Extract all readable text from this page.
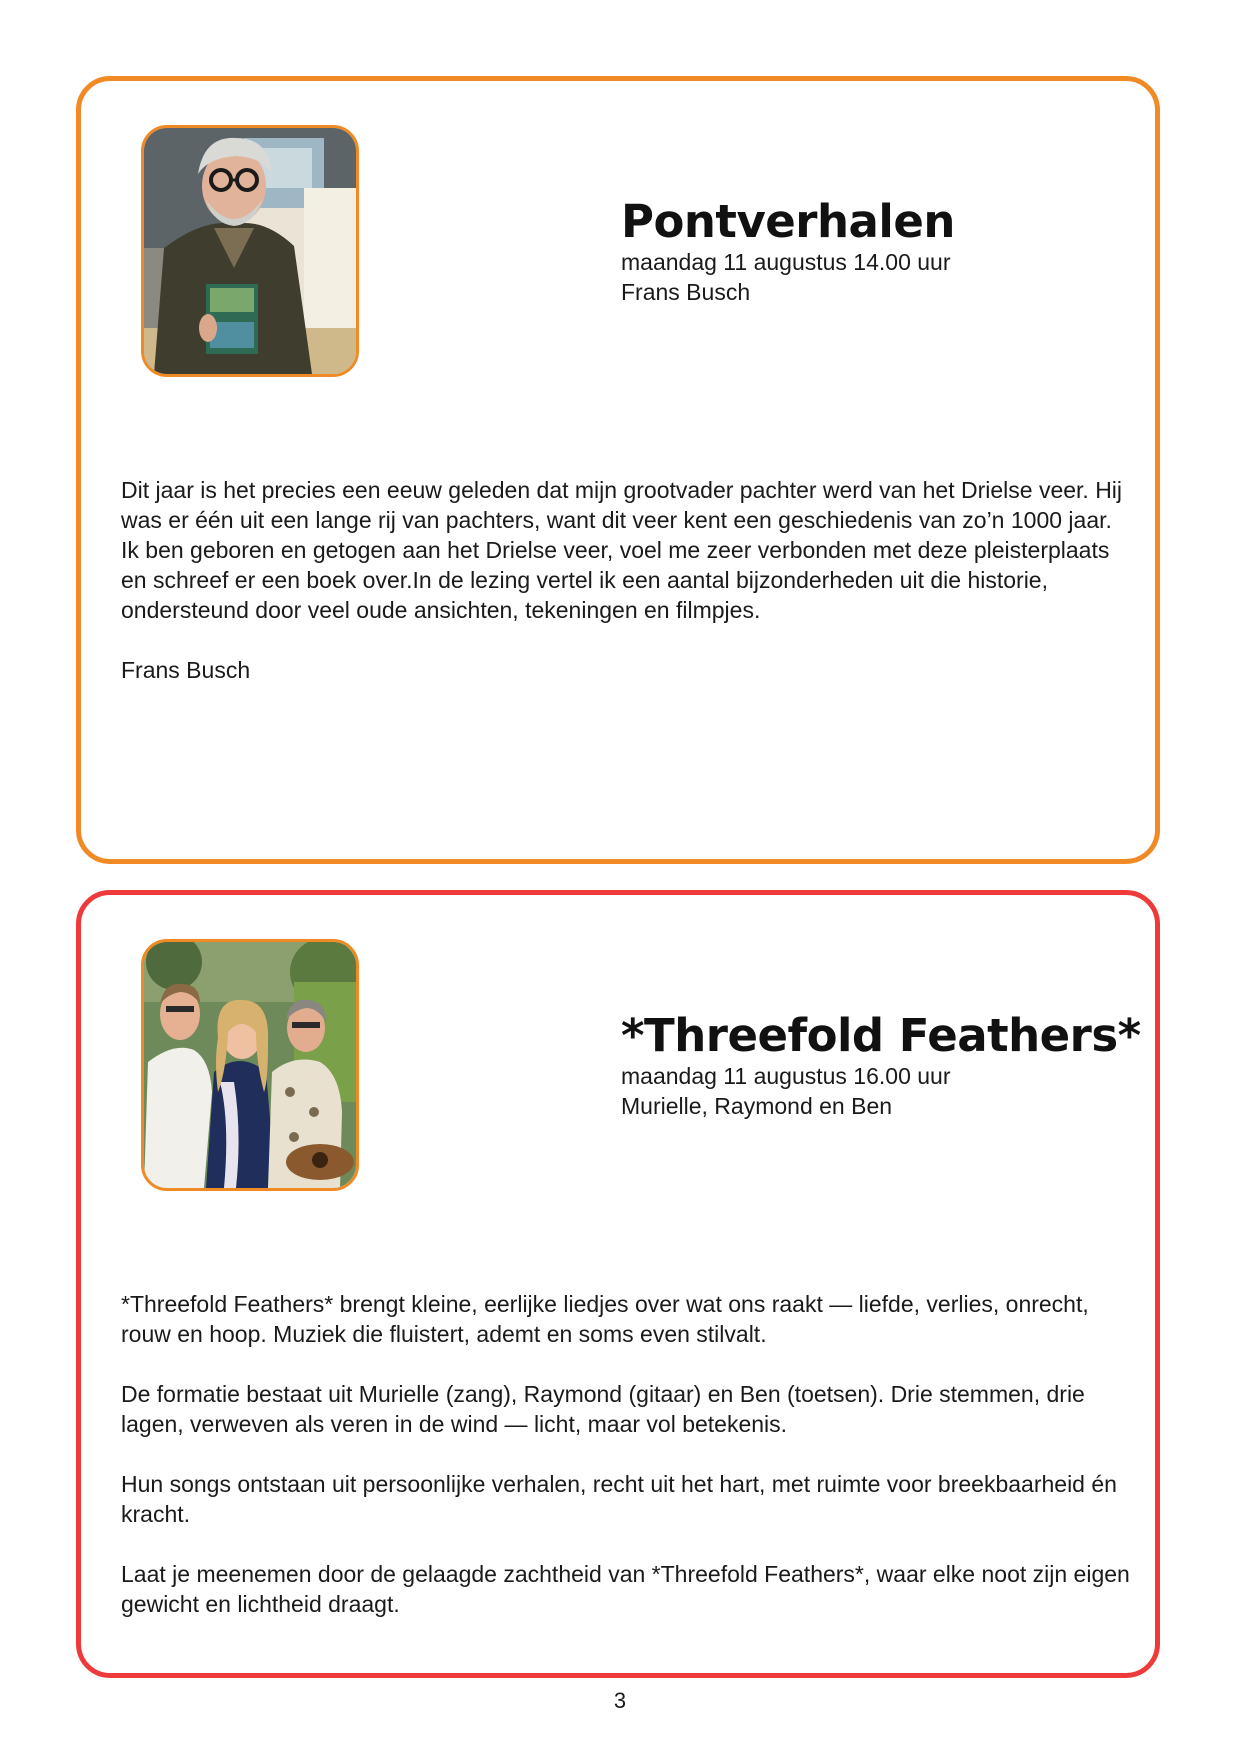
Pontverhalen

maandag 11 augustus 14.00 uur

Frans Busch

Dit jaar is het precies een eeuw geleden dat mijn grootvader pachter werd van het Drielse veer. Hij was er één uit een lange rij van pachters, want dit veer kent een geschiedenis van zo’n 1000 jaar.
Ik ben geboren en getogen aan het Drielse veer, voel me zeer verbonden met deze pleisterplaats en schreef er een boek over.In de lezing vertel ik een aantal bijzonderheden uit die historie, ondersteund door veel oude ansichten, tekeningen en filmpjes.

Frans Busch

*Threefold Feathers*

maandag 11 augustus 16.00 uur

Murielle, Raymond en Ben

*Threefold Feathers* brengt kleine, eerlijke liedjes over wat ons raakt — liefde, verlies, onrecht, rouw en hoop. Muziek die fluistert, ademt en soms even stilvalt.

De formatie bestaat uit Murielle (zang), Raymond (gitaar) en Ben (toetsen). Drie stemmen, drie lagen, verweven als veren in de wind — licht, maar vol betekenis.

Hun songs ontstaan uit persoonlijke verhalen, recht uit het hart, met ruimte voor breekbaarheid én kracht.

Laat je meenemen door de gelaagde zachtheid van *Threefold Feathers*, waar elke noot zijn eigen gewicht en lichtheid draagt.

3
